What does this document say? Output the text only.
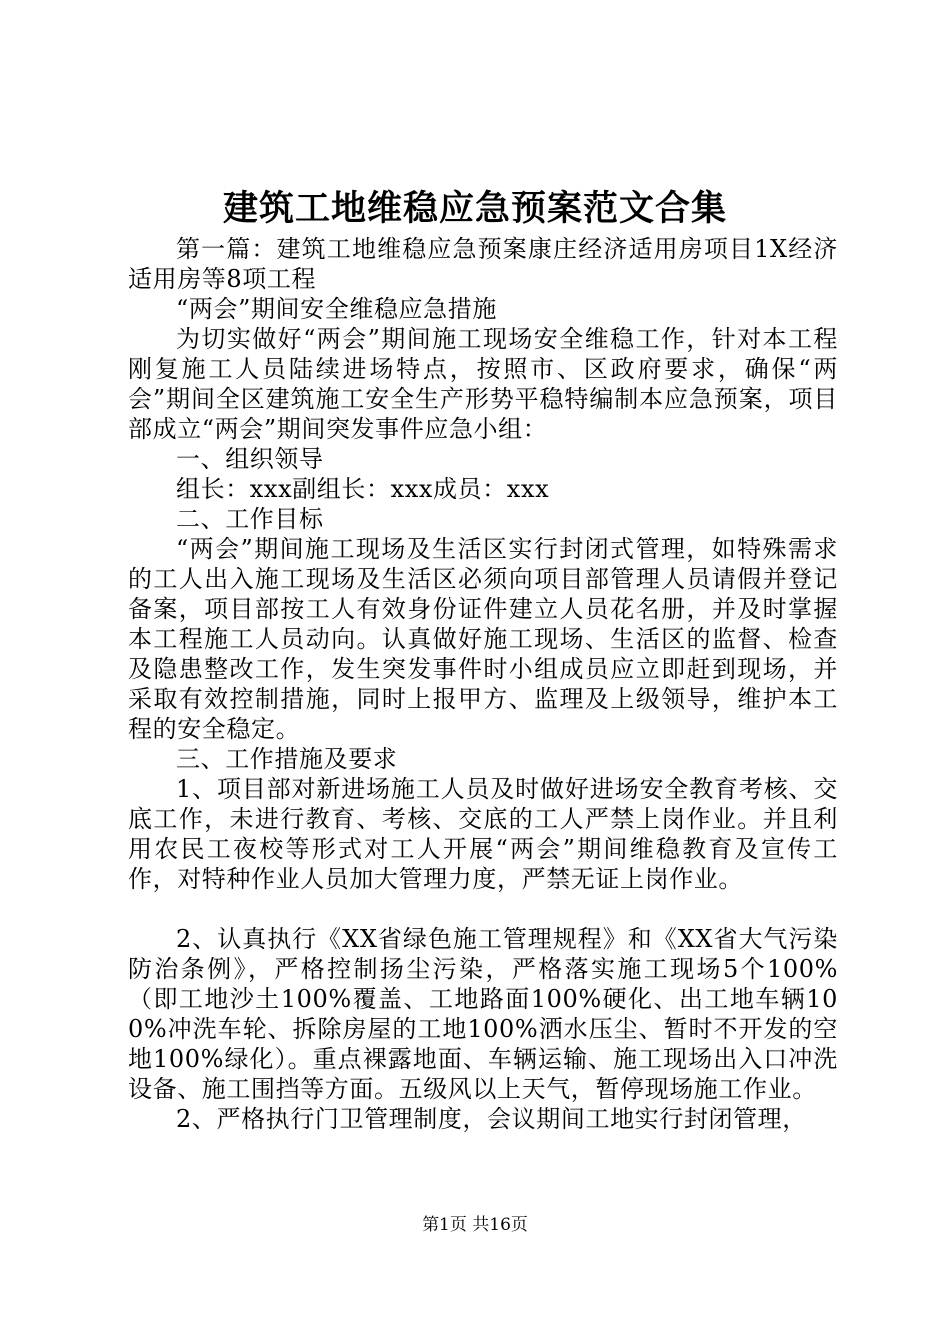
建筑工地维稳应急预案范文合集

第一篇：建筑工地维稳应急预案康庄经济适用房项目1X经济适用房等8项工程

“两会”期间安全维稳应急措施

为切实做好“两会”期间施工现场安全维稳工作，针对本工程刚复施工人员陆续进场特点，按照市、区政府要求，确保“两会”期间全区建筑施工安全生产形势平稳特编制本应急预案，项目部成立“两会”期间突发事件应急小组：

一、组织领导

组长：xxx副组长：xxx成员：xxx

二、工作目标

“两会”期间施工现场及生活区实行封闭式管理，如特殊需求的工人出入施工现场及生活区必须向项目部管理人员请假并登记备案，项目部按工人有效身份证件建立人员花名册，并及时掌握本工程施工人员动向。认真做好施工现场、生活区的监督、检查及隐患整改工作，发生突发事件时小组成员应立即赶到现场，并采取有效控制措施，同时上报甲方、监理及上级领导，维护本工程的安全稳定。

三、工作措施及要求

1、项目部对新进场施工人员及时做好进场安全教育考核、交底工作，未进行教育、考核、交底的工人严禁上岗作业。并且利用农民工夜校等形式对工人开展“两会”期间维稳教育及宣传工作，对特种作业人员加大管理力度，严禁无证上岗作业。

2、认真执行《XX省绿色施工管理规程》和《XX省大气污染防治条例》，严格控制扬尘污染，严格落实施工现场5个100%（即工地沙土100%覆盖、工地路面100%硬化、出工地车辆100%冲洗车轮、拆除房屋的工地100%洒水压尘、暂时不开发的空地100%绿化）。重点裸露地面、车辆运输、施工现场出入口冲洗设备、施工围挡等方面。五级风以上天气，暂停现场施工作业。

2、严格执行门卫管理制度，会议期间工地实行封闭管理，

第1页 共16页
